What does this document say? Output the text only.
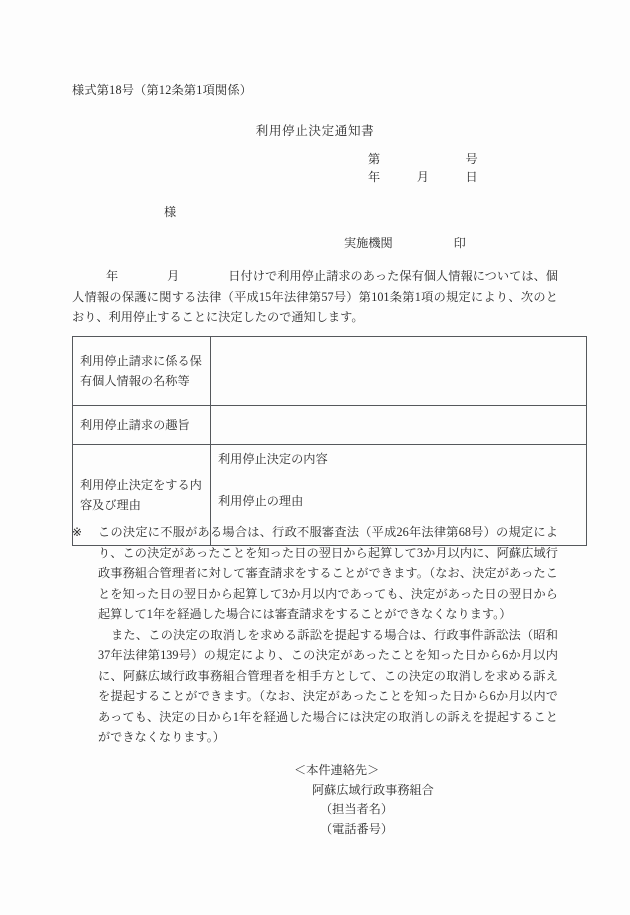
様式第18号（第12条第1項関係）
利用停止決定通知書
第　　　　　　　号
年　　　月　　　日
様
実施機関　　　　　印
年　　　　月　　　　日付けで利用停止請求のあった保有個人情報については、個人情報の保護に関する法律（平成15年法律第57号）第101条第1項の規定により、次のとおり、利用停止することに決定したので通知します。
利用停止請求に係る保有個人情報の名称等	
利用停止請求の趣旨	
利用停止決定をする内容及び理由	利用停止決定の内容

利用停止の理由

※ この決定に不服がある場合は、行政不服審査法（平成26年法律第68号）の規定により、この決定があったことを知った日の翌日から起算して3か月以内に、阿蘇広域行政事務組合管理者に対して審査請求をすることができます。（なお、決定があったことを知った日の翌日から起算して3か月以内であっても、決定があった日の翌日から起算して1年を経過した場合には審査請求をすることができなくなります。）
また、この決定の取消しを求める訴訟を提起する場合は、行政事件訴訟法（昭和37年法律第139号）の規定により、この決定があったことを知った日から6か月以内に、阿蘇広域行政事務組合管理者を相手方として、この決定の取消しを求める訴えを提起することができます。（なお、決定があったことを知った日から6か月以内であっても、決定の日から1年を経過した場合には決定の取消しの訴えを提起することができなくなります。）
＜本件連絡先＞
阿蘇広域行政事務組合
（担当者名）
（電話番号）
